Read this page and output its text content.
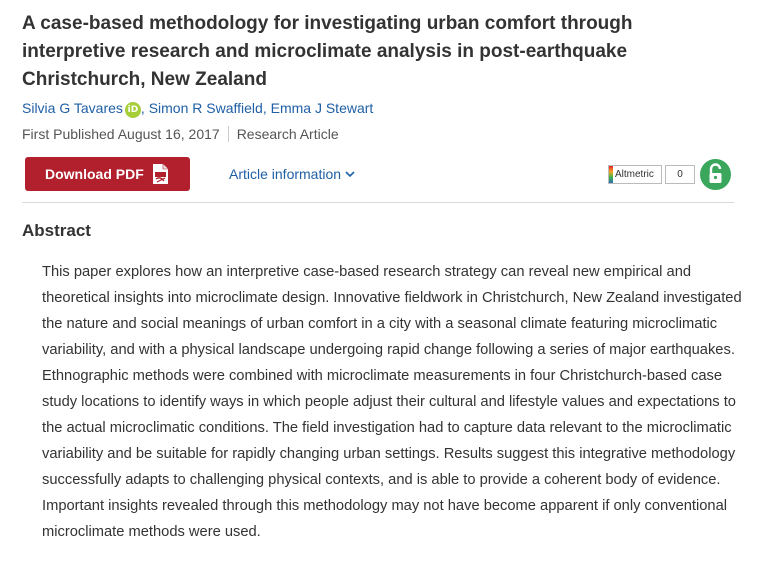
A case-based methodology for investigating urban comfort through interpretive research and microclimate analysis in post-earthquake Christchurch, New Zealand
Silvia G Tavares iD , Simon R Swaffield, Emma J Stewart
First Published August 16, 2017 Research Article
Download PDF	Article information	Altmetric	0
Abstract

This paper explores how an interpretive case-based research strategy can reveal new empirical and theoretical insights into microclimate design. Innovative fieldwork in Christchurch, New Zealand investigated the nature and social meanings of urban comfort in a city with a seasonal climate featuring microclimatic variability, and with a physical landscape undergoing rapid change following a series of major earthquakes. Ethnographic methods were combined with microclimate measurements in four Christchurch-based case study locations to identify ways in which people adjust their cultural and lifestyle values and expectations to the actual microclimatic conditions. The field investigation had to capture data relevant to the microclimatic variability and be suitable for rapidly changing urban settings. Results suggest this integrative methodology successfully adapts to challenging physical contexts, and is able to provide a coherent body of evidence. Important insights revealed through this methodology may not have become apparent if only conventional microclimate methods were used.
